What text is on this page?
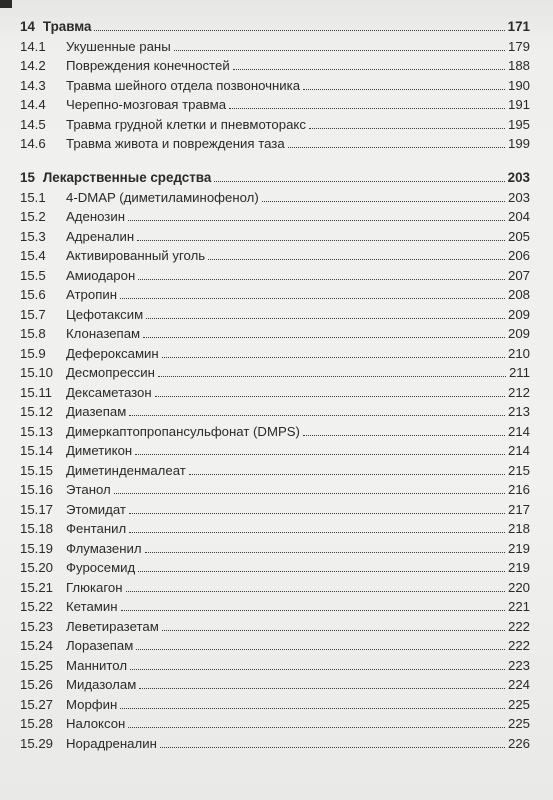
14 Травма	171
14.1	Укушенные раны	179
14.2	Повреждения конечностей	188
14.3	Травма шейного отдела позвоночника	190
14.4	Черепно-мозговая травма	191
14.5	Травма грудной клетки и пневмоторакс	195
14.6	Травма живота и повреждения таза	199
15 Лекарственные средства	203
15.1	4-DMAP (диметиламинофенол)	203
15.2	Аденозин	204
15.3	Адреналин	205
15.4	Активированный уголь	206
15.5	Амиодарон	207
15.6	Атропин	208
15.7	Цефотаксим	209
15.8	Клоназепам	209
15.9	Дефероксамин	210
15.10 Десмопрессин	211
15.11	Дексаметазон	212
15.12 Диазепам	213
15.13 Димеркаптопропансульфонат (DMPS)	214
15.14 Диметикон	214
15.15 Диметинденмалеат	215
15.16 Этанол	216
15.17 Этомидат	217
15.18 Фентанил	218
15.19 Флумазенил	219
15.20 Фуросемид	219
15.21 Глюкагон	220
15.22 Кетамин	221
15.23 Леветиразетам	222
15.24 Лоразепам	222
15.25 Маннитол	223
15.26 Мидазолам	224
15.27 Морфин	225
15.28 Налоксон	225
15.29 Норадреналин	226
